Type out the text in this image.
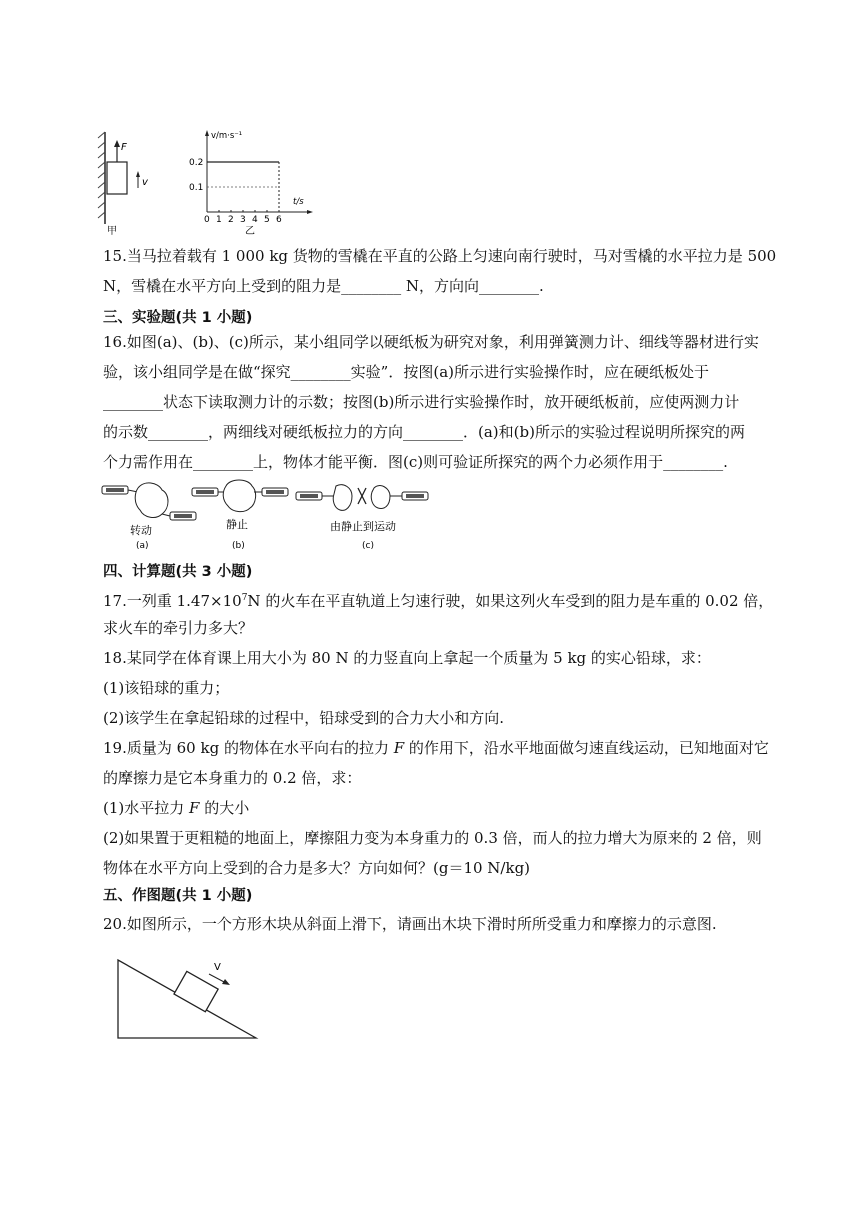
F
v
甲
v/m·s⁻¹
t/s
0 1 2 3 4 5 6
0.2
0.1
乙
15.当马拉着载有 1 000 kg 货物的雪橇在平直的公路上匀速向南行驶时，马对雪橇的水平拉力是 500
N，雪橇在水平方向上受到的阻力是________ N，方向向________.
三、实验题(共 1 小题)
16.如图(a)、(b)、(c)所示，某小组同学以硬纸板为研究对象，利用弹簧测力计、细线等器材进行实
验，该小组同学是在做“探究________实验”．按图(a)所示进行实验操作时，应在硬纸板处于
________状态下读取测力计的示数；按图(b)所示进行实验操作时，放开硬纸板前，应使两测力计
的示数________，两细线对硬纸板拉力的方向________．(a)和(b)所示的实验过程说明所探究的两
个力需作用在________上，物体才能平衡．图(c)则可验证所探究的两个力必须作用于________.
转动
(a)
静止
(b)
由静止到运动
(c)
四、计算题(共 3 小题)
17.一列重 $1.47\times 10^7N$ 的火车在平直轨道上匀速行驶，如果这列火车受到的阻力是车重的 0.02 倍，
求火车的牵引力多大？
18.某同学在体育课上用大小为 80 N 的力竖直向上拿起一个质量为 5 kg 的实心铅球，求：
(1)该铅球的重力；
(2)该学生在拿起铅球的过程中，铅球受到的合力大小和方向.
19.质量为 60 kg 的物体在水平向右的拉力 F 的作用下，沿水平地面做匀速直线运动，已知地面对它
的摩擦力是它本身重力的 0.2 倍，求：
(1)水平拉力 F 的大小
(2)如果置于更粗糙的地面上，摩擦阻力变为本身重力的 0.3 倍，而人的拉力增大为原来的 2 倍，则
物体在水平方向上受到的合力是多大？方向如何？(g＝10 N/kg)
五、作图题(共 1 小题)
20.如图所示，一个方形木块从斜面上滑下，请画出木块下滑时所所受重力和摩擦力的示意图.
V
